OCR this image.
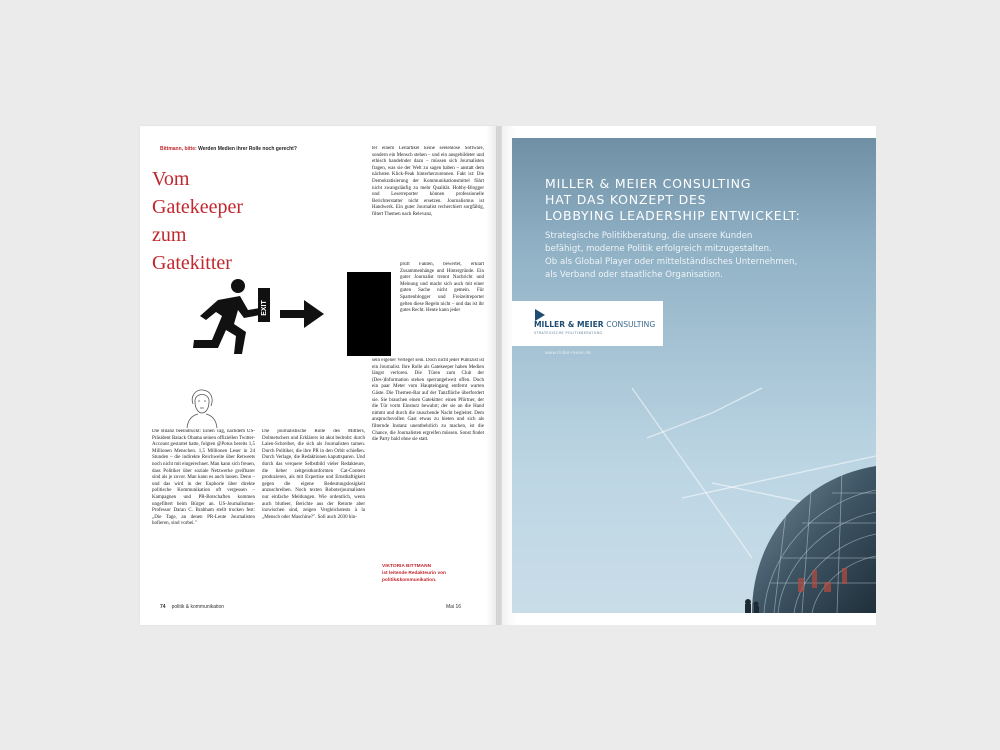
Bittmann, bitte: Werden Medien ihrer Rolle noch gerecht?
Vom
Gatekeeper
zum
Gatekitter
EXIT
Die Bilanz beeindruckt: Einen Tag, nachdem US-Präsident Barack Obama seinen offiziellen Twitter-Account gestartet hatte, folgten @Potus bereits 1,5 Millionen Menschen. 1,5 Millionen Leser in 24 Stunden – die indirekte Reichweite über Retweets noch nicht mit eingerechnet. Man kann sich freuen, dass Politiker über soziale Netzwerke greifbarer sind als je zuvor. Man kann es auch lassen. Denn – und das wird in der Euphorie über direkte politische Kommunikation oft vergessen – Kampagnen und PR-Botschaften kommen ungefiltert beim Bürger an. US-Journalismus-Professor Daran C. Brabham stellt trocken fest: „Die Tage, an denen PR-Leute Journalisten hofieren, sind vorbei."
Die journalistische Rolle des Mittlers, Dolmetschers und Erklärers ist akut bedroht: durch Laien-Schreiber, die sich als Journalisten tarnen. Durch Politiker, die ihre PR in den Orbit schießen. Durch Verlage, die Redaktionen kaputtsparen. Und durch das verquere Selbstbild vieler Redakteure, die lieber zeitgeistkonformen Cat-Content produzieren, als mit Expertise und Ernsthaftigkeit gegen die eigene Bedeutungslosigkeit anzuschreiben. Noch texten Roboterjournalisten nur einfache Meldungen. Wie ordentlich, wenn auch blutleer, Berichte aus der Retorte aber inzwischen sind, zeigen Vergleichstests à la „Mensch oder Maschine?". Soll auch 2030 hin-
ter einem Leitartikel keine seelenlose Software, sondern ein Mensch stehen – und ein ausgebildeter und ethisch handelnder dazu – müssen sich Journalisten fragen, was sie der Welt zu sagen haben – anstatt dem nächsten Klick-Peak hinterherzurennen. Fakt ist: Die Demokratisierung der Kommunikationsmittel führt nicht zwangsläufig zu mehr Qualität. Hobby-Blogger und Leserreporter können professionelle Berichterstatter nicht ersetzen. Journalismus ist Handwerk. Ein guter Journalist recherchiert sorgfältig, filtert Themen nach Relevanz,
prüft Fakten, bewertet, erklärt Zusammenhänge und Hintergründe. Ein guter Journalist trennt Nachricht und Meinung und macht sich auch mit einer guten Sache nicht gemein. Für Spartenblogger und Freizeitreporter gelten diese Regeln nicht – und das ist ihr gutes Recht. Heute kann jeder
sein eigener Verleger sein. Doch nicht jeder Publizist ist ein Journalist. Ihre Rolle als Gatekeeper haben Medien längst verloren. Die Türen zum Club der (Des-)Information stehen sperrangelweit offen. Doch ein paar Meter vom Haupteingang entfernt warten Gäste. Die Themen-Bar auf der Tanzfläche überfordert sie. Sie brauchen einen Gatekitter: einen Pförtner, der die Tür vorm Einsturz bewahrt; der sie an die Hand nimmt und durch die rauschende Nacht begleitet. Dem anspruchsvollen Gast etwas zu bieten und sich als filternde Instanz unentbehrlich zu machen, ist die Chance, die Journalisten ergreifen müssen. Sonst findet die Party bald ohne sie statt.
VIKTORIA BITTMANN
ist leitende Redakteurin von
politik&kommunikation.
74 politik & kommunikation	Mai 16
MILLER & MEIER CONSULTING
HAT DAS KONZEPT DES
LOBBYING LEADERSHIP ENTWICKELT:
Strategische Politikberatung, die unsere Kunden
befähigt, moderne Politik erfolgreich mitzugestalten.
Ob als Global Player oder mittelständisches Unternehmen,
als Verband oder staatliche Organisation.
MILLER & MEIER CONSULTING
STRATEGISCHE POLITIKBERATUNG
www.miller-meier.de
